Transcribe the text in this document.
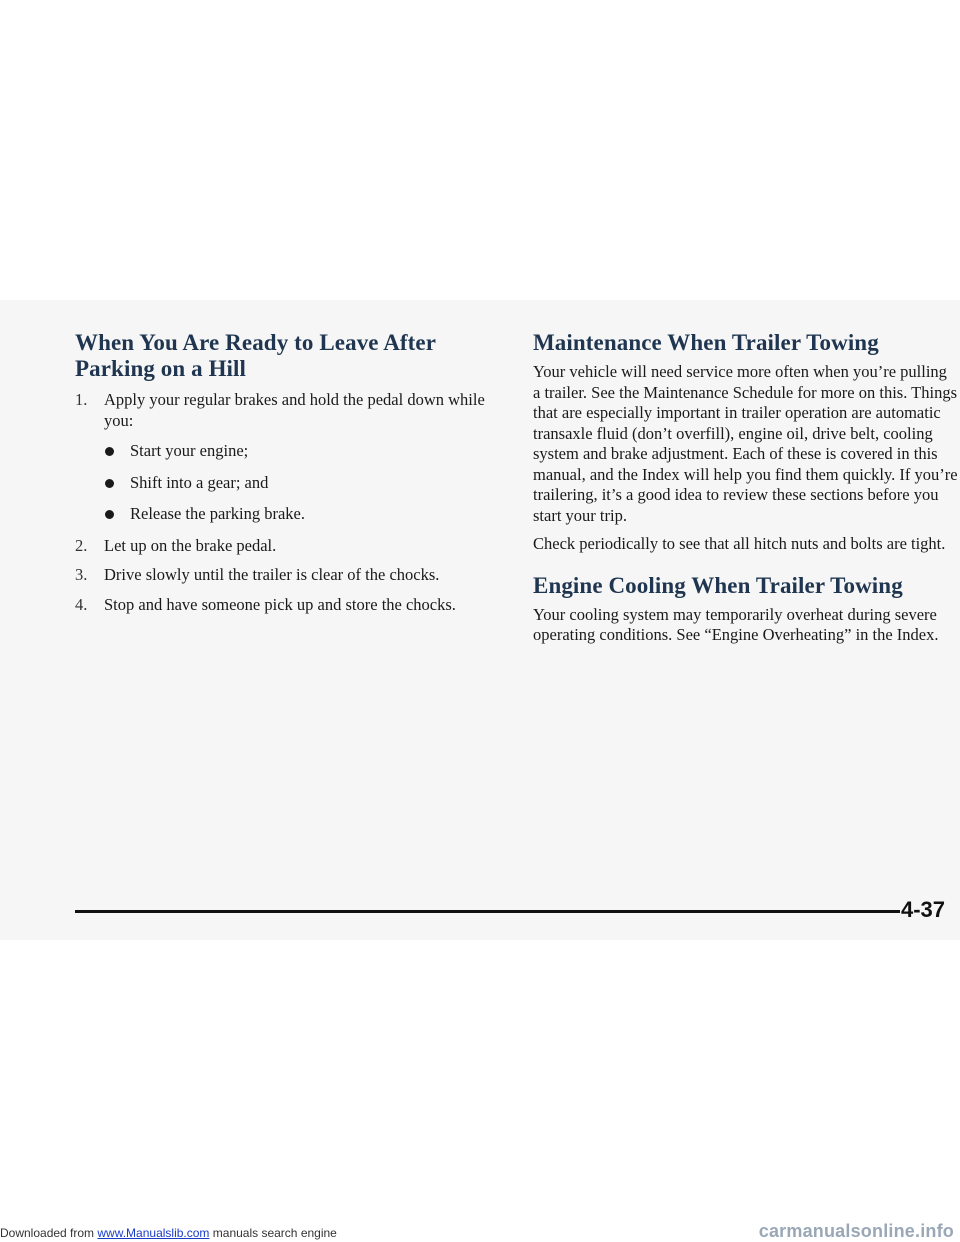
When You Are Ready to Leave After Parking on a Hill
1. Apply your regular brakes and hold the pedal down while you:
Start your engine;
Shift into a gear; and
Release the parking brake.
2. Let up on the brake pedal.
3. Drive slowly until the trailer is clear of the chocks.
4. Stop and have someone pick up and store the chocks.
Maintenance When Trailer Towing

Your vehicle will need service more often when you’re pulling a trailer. See the Maintenance Schedule for more on this. Things that are especially important in trailer operation are automatic transaxle fluid (don’t overfill), engine oil, drive belt, cooling system and brake adjustment. Each of these is covered in this manual, and the Index will help you find them quickly. If you’re trailering, it’s a good idea to review these sections before you start your trip.

Check periodically to see that all hitch nuts and bolts are tight.

Engine Cooling When Trailer Towing

Your cooling system may temporarily overheat during severe operating conditions. See “Engine Overheating” in the Index.

4-37
Downloaded from www.Manualslib.com manuals search engine	carmanualsonline.info
